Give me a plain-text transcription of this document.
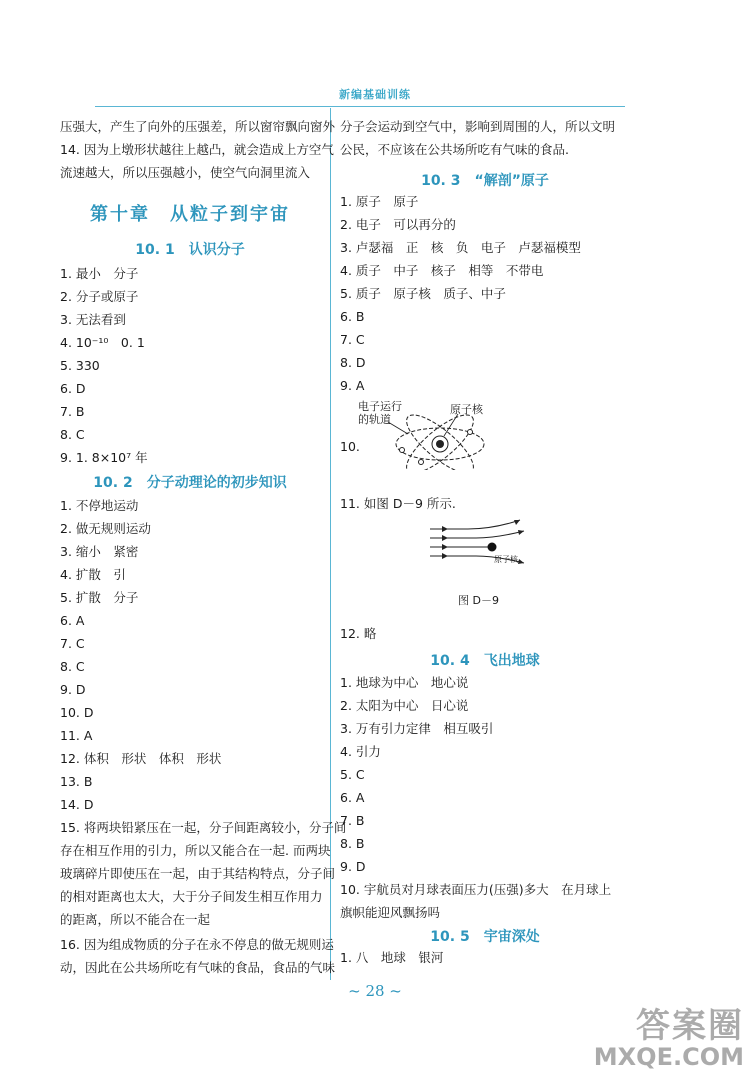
新编基础训练
压强大，产生了向外的压强差，所以窗帘飘向窗外
14. 因为上墩形状越往上越凸，就会造成上方空气
流速越大，所以压强越小，使空气向洞里流入
第十章　从粒子到宇宙
10. 1　认识分子
1. 最小　分子
2. 分子或原子
3. 无法看到
4. 10⁻¹⁰　0. 1
5. 330
6. D
7. B
8. C
9. 1. 8×10⁷ 年
10. 2　分子动理论的初步知识
1. 不停地运动
2. 做无规则运动
3. 缩小　紧密
4. 扩散　引
5. 扩散　分子
6. A
7. C
8. C
9. D
10. D
11. A
12. 体积　形状　体积　形状
13. B
14. D
15. 将两块铅紧压在一起，分子间距离较小，分子间
存在相互作用的引力，所以又能合在一起. 而两块
玻璃碎片即使压在一起，由于其结构特点，分子间
的相对距离也太大，大于分子间发生相互作用力
的距离，所以不能合在一起
16. 因为组成物质的分子在永不停息的做无规则运
动，因此在公共场所吃有气味的食品，食品的气味
分子会运动到空气中，影响到周围的人，所以文明
公民，不应该在公共场所吃有气味的食品.
10. 3　“解剖”原子
1. 原子　原子
2. 电子　可以再分的
3. 卢瑟福　正　核　负　电子　卢瑟福模型
4. 质子　中子　核子　相等　不带电
5. 质子　原子核　质子、中子
6. B
7. C
8. D
9. A
10.
电子运行
的轨道
原子核
11. 如图 D－9 所示.
原子核
图 D－9
12. 略
10. 4　飞出地球
1. 地球为中心　地心说
2. 太阳为中心　日心说
3. 万有引力定律　相互吸引
4. 引力
5. C
6. A
7. B
8. B
9. D
10. 宇航员对月球表面压力(压强)多大　在月球上
旗帜能迎风飘扬吗
10. 5　宇宙深处
1. 八　地球　银河
~ 28 ~
答案圈
MXQE.COM
